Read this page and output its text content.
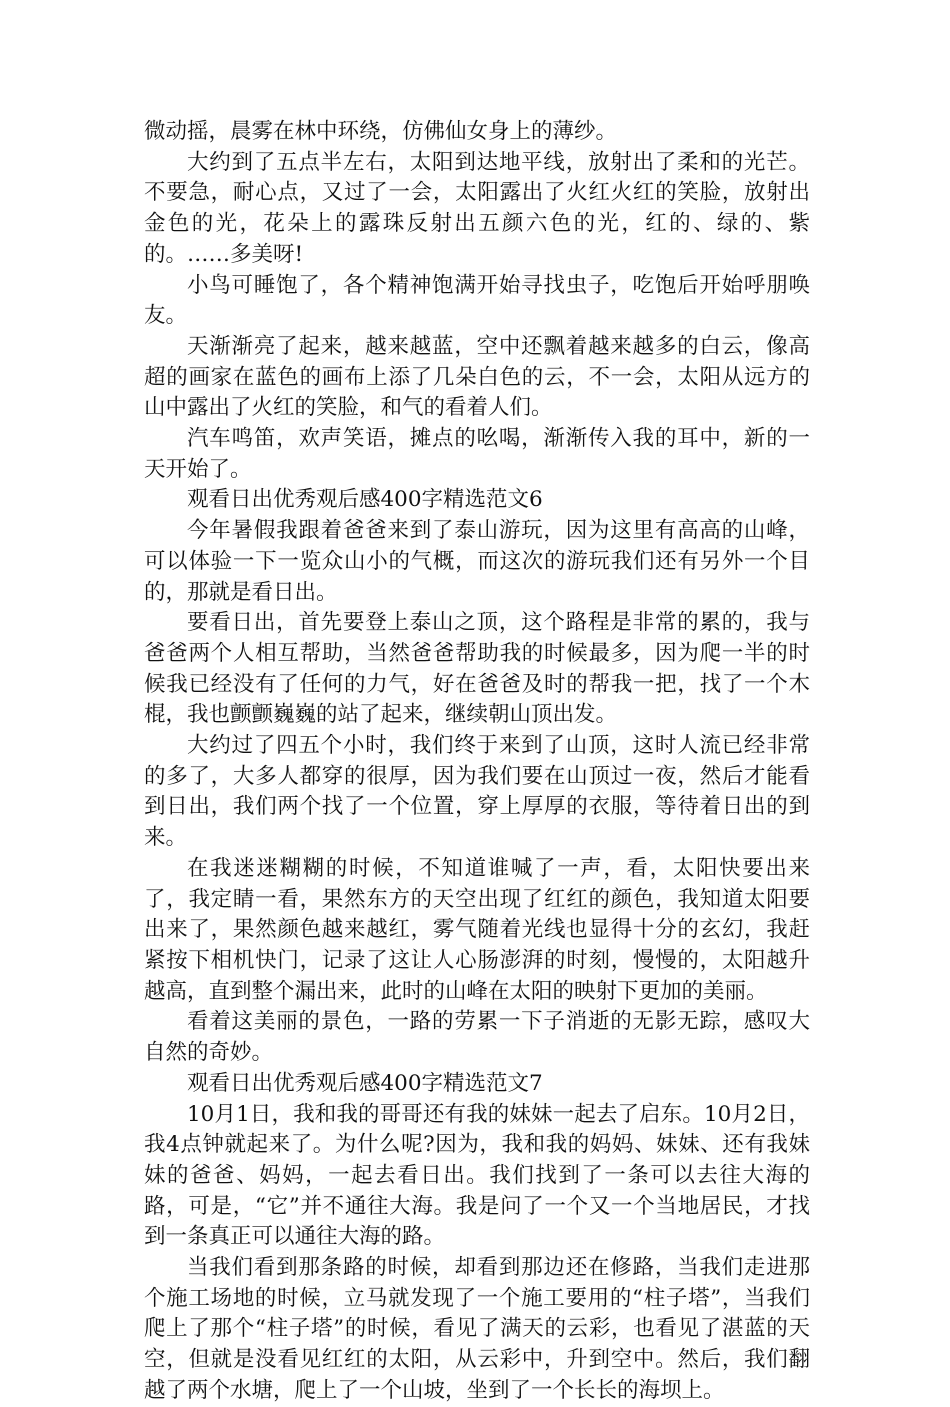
微动摇，晨雾在林中环绕，仿佛仙女身上的薄纱。

大约到了五点半左右，太阳到达地平线，放射出了柔和的光芒。不要急，耐心点，又过了一会，太阳露出了火红火红的笑脸，放射出金色的光，花朵上的露珠反射出五颜六色的光，红的、绿的、紫的。……多美呀!

小鸟可睡饱了，各个精神饱满开始寻找虫子，吃饱后开始呼朋唤友。

天渐渐亮了起来，越来越蓝，空中还飘着越来越多的白云，像高超的画家在蓝色的画布上添了几朵白色的云，不一会，太阳从远方的山中露出了火红的笑脸，和气的看着人们。

汽车鸣笛，欢声笑语，摊点的吆喝，渐渐传入我的耳中，新的一天开始了。

观看日出优秀观后感400字精选范文6

今年暑假我跟着爸爸来到了泰山游玩，因为这里有高高的山峰，可以体验一下一览众山小的气概，而这次的游玩我们还有另外一个目的，那就是看日出。

要看日出，首先要登上泰山之顶，这个路程是非常的累的，我与爸爸两个人相互帮助，当然爸爸帮助我的时候最多，因为爬一半的时候我已经没有了任何的力气，好在爸爸及时的帮我一把，找了一个木棍，我也颤颤巍巍的站了起来，继续朝山顶出发。

大约过了四五个小时，我们终于来到了山顶，这时人流已经非常的多了，大多人都穿的很厚，因为我们要在山顶过一夜，然后才能看到日出，我们两个找了一个位置，穿上厚厚的衣服，等待着日出的到来。

在我迷迷糊糊的时候，不知道谁喊了一声，看，太阳快要出来了，我定睛一看，果然东方的天空出现了红红的颜色，我知道太阳要出来了，果然颜色越来越红，雾气随着光线也显得十分的玄幻，我赶紧按下相机快门，记录了这让人心肠澎湃的时刻，慢慢的，太阳越升越高，直到整个漏出来，此时的山峰在太阳的映射下更加的美丽。

看着这美丽的景色，一路的劳累一下子消逝的无影无踪，感叹大自然的奇妙。

观看日出优秀观后感400字精选范文7

10月1日，我和我的哥哥还有我的妹妹一起去了启东。10月2日，我4点钟就起来了。为什么呢?因为，我和我的妈妈、妹妹、还有我妹妹的爸爸、妈妈，一起去看日出。我们找到了一条可以去往大海的路，可是，“它”并不通往大海。我是问了一个又一个当地居民，才找到一条真正可以通往大海的路。

当我们看到那条路的时候，却看到那边还在修路，当我们走进那个施工场地的时候，立马就发现了一个施工要用的“柱子塔”，当我们爬上了那个“柱子塔”的时候，看见了满天的云彩，也看见了湛蓝的天空，但就是没看见红红的太阳，从云彩中，升到空中。然后，我们翻越了两个水塘，爬上了一个山坡，坐到了一个长长的海坝上。
